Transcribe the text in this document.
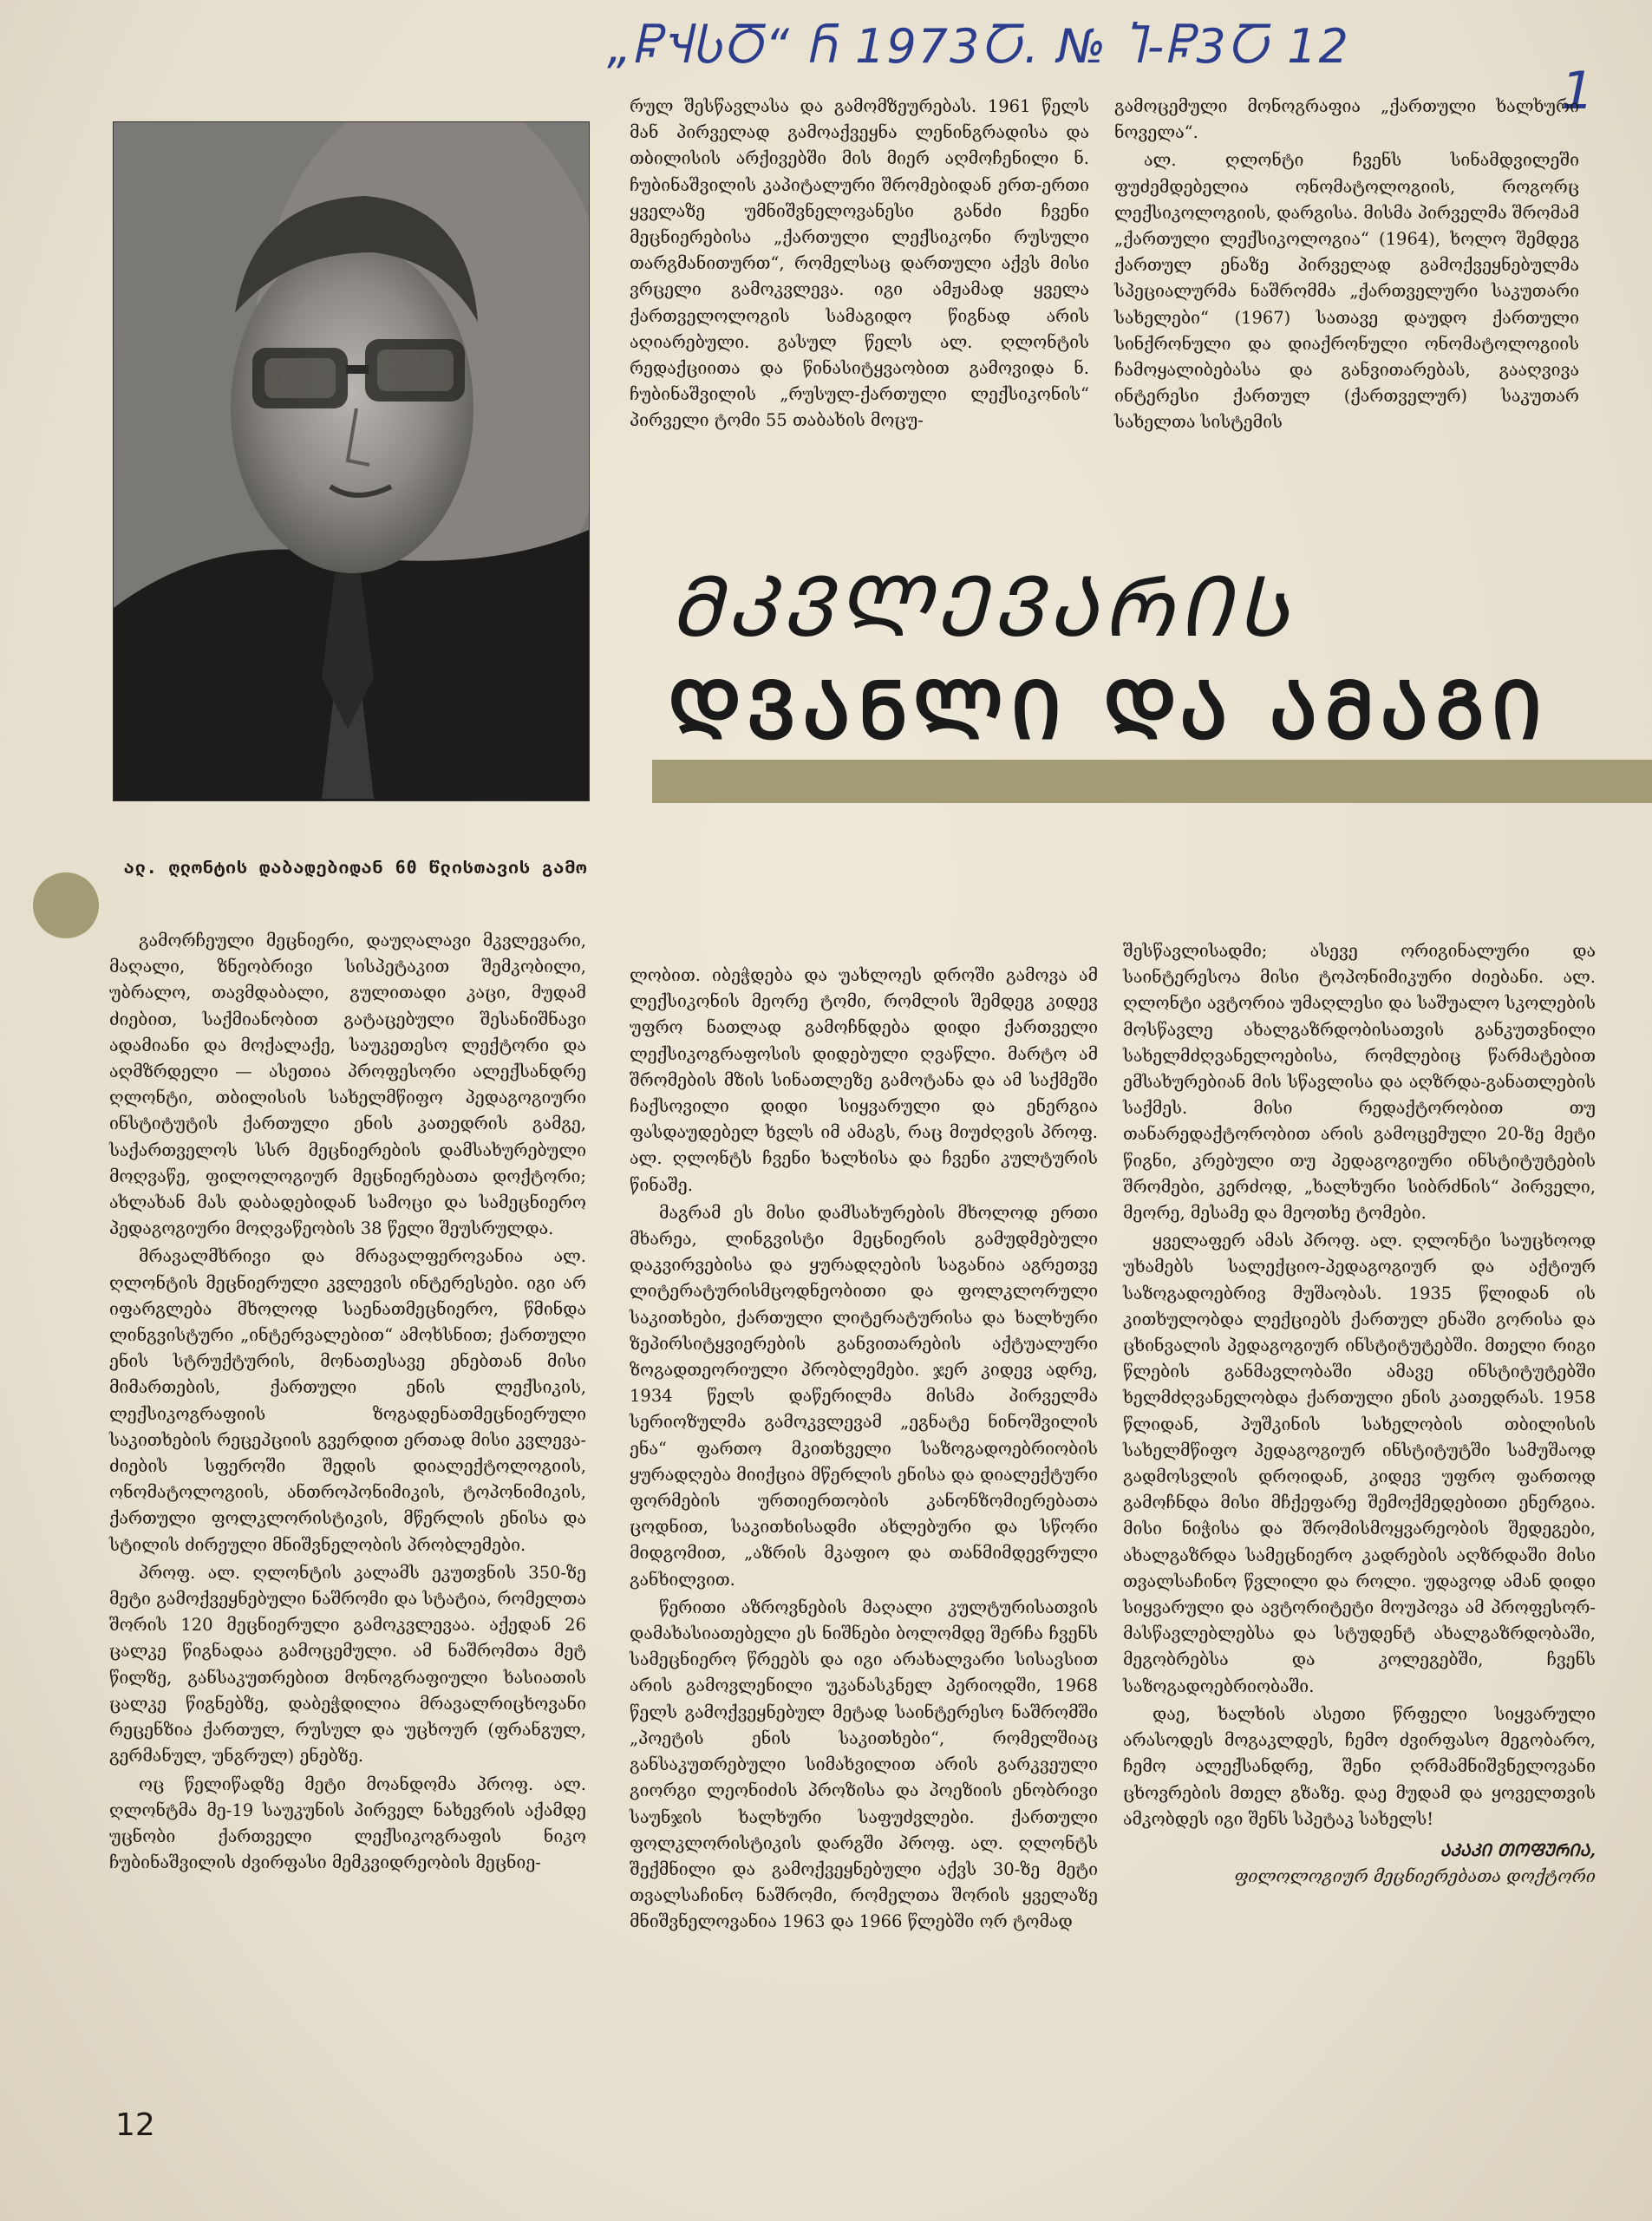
„ႼჃႱႣ“ Ⴌ 1973Ⴀ. № Ⴈ-Ⴜ3Ⴀ 12
1

რულ შესწავლასა და გამომზეურებას. 1961 წელს მან პირველად გამოაქვეყნა ლენინგრადისა და თბილისის არქივებში მის მიერ აღმოჩენილი ნ. ჩუბინაშვილის კაპიტალური შრომებიდან ერთ-ერთი ყველაზე უმნიშვნელოვანესი განძი ჩვენი მეცნიერებისა „ქართული ლექსიკონი რუსული თარგმანითურთ“, რომელსაც დართული აქვს მისი ვრცელი გამოკვლევა. იგი ამჟამად ყველა ქართველოლოგის სამაგიდო წიგნად არის აღიარებული. გასულ წელს ალ. ღლონტის რედაქციითა და წინასიტყვაობით გამოვიდა ნ. ჩუბინაშვილის „რუსულ-ქართული ლექსიკონის“ პირველი ტომი 55 თაბახის მოცუ-

გამოცემული მონოგრაფია „ქართული ხალხური ნოველა“.

ალ. ღლონტი ჩვენს სინამდვილეში ფუძემდებელია ონომატოლოგიის, როგორც ლექსიკოლოგიის, დარგისა. მისმა პირველმა შრომამ „ქართული ლექსიკოლოგია“ (1964), ხოლო შემდეგ ქართულ ენაზე პირველად გამოქვეყნებულმა სპეციალურმა ნაშრომმა „ქართველური საკუთარი სახელები“ (1967) სათავე დაუდო ქართული სინქრონული და დიაქრონული ონომატოლოგიის ჩამოყალიბებასა და განვითარებას, გააღვივა ინტერესი ქართულ (ქართველურ) საკუთარ სახელთა სისტემის

ᲛᲙᲕᲚᲔᲕᲐᲠᲘᲡ
ᲓᲕᲐᲜᲚᲘ ᲓᲐ ᲐᲛᲐᲒᲘ
ალ. ღლონტის დაბადებიდან 60 წლისთავის გამო

გამორჩეული მეცნიერი, დაუღალავი მკვლევარი, მაღალი, ზნეობრივი სისპეტაკით შემკობილი, უბრალო, თავმდაბალი, გულითადი კაცი, მუდამ ძიებით, საქმიანობით გატაცებული შესანიშნავი ადამიანი და მოქალაქე, საუკეთესო ლექტორი და აღმზრდელი — ასეთია პროფესორი ალექსანდრე ღლონტი, თბილისის სახელმწიფო პედაგოგიური ინსტიტუტის ქართული ენის კათედრის გამგე, საქართველოს სსრ მეცნიერების დამსახურებული მოღვაწე, ფილოლოგიურ მეცნიერებათა დოქტორი; ახლახან მას დაბადებიდან სამოცი და სამეცნიერო პედაგოგიური მოღვაწეობის 38 წელი შეუსრულდა.

მრავალმხრივი და მრავალფეროვანია ალ. ღლონტის მეცნიერული კვლევის ინტერესები. იგი არ იფარგლება მხოლოდ საენათმეცნიერო, წმინდა ლინგვისტური „ინტერვალებით“ ამოხსნით; ქართული ენის სტრუქტურის, მონათესავე ენებთან მისი მიმართების, ქართული ენის ლექსიკის, ლექსიკოგრაფიის ზოგადენათმეცნიერული საკითხების რეცეპციის გვერდით ერთად მისი კვლევა-ძიების სფეროში შედის დიალექტოლოგიის, ონომატოლოგიის, ანთროპონიმიკის, ტოპონიმიკის, ქართული ფოლკლორისტიკის, მწერლის ენისა და სტილის ძირეული მნიშვნელობის პრობლემები.

პროფ. ალ. ღლონტის კალამს ეკუთვნის 350-ზე მეტი გამოქვეყნებული ნაშრომი და სტატია, რომელთა შორის 120 მეცნიერული გამოკვლევაა. აქედან 26 ცალკე წიგნადაა გამოცემული. ამ ნაშრომთა მეტ წილზე, განსაკუთრებით მონოგრაფიული ხასიათის ცალკე წიგნებზე, დაბეჭდილია მრავალრიცხოვანი რეცენზია ქართულ, რუსულ და უცხოურ (ფრანგულ, გერმანულ, უნგრულ) ენებზე.

ოც წელიწადზე მეტი მოანდომა პროფ. ალ. ღლონტმა მე-19 საუკუნის პირველ ნახევრის აქამდე უცნობი ქართველი ლექსიკოგრაფის ნიკო ჩუბინაშვილის ძვირფასი მემკვიდრეობის მეცნიე-

ლობით. იბეჭდება და უახლოეს დროში გამოვა ამ ლექსიკონის მეორე ტომი, რომლის შემდეგ კიდევ უფრო ნათლად გამოჩნდება დიდი ქართველი ლექსიკოგრაფოსის დიდებული ღვაწლი. მარტო ამ შრომების მზის სინათლეზე გამოტანა და ამ საქმეში ჩაქსოვილი დიდი სიყვარული და ენერგია ფასდაუდებელ ხვლს იმ ამაგს, რაც მიუძღვის პროფ. ალ. ღლონტს ჩვენი ხალხისა და ჩვენი კულტურის წინაშე.

მაგრამ ეს მისი დამსახურების მხოლოდ ერთი მხარეა, ლინგვისტი მეცნიერის გამუდმებული დაკვირვებისა და ყურადღების საგანია აგრეთვე ლიტერატურისმცოდნეობითი და ფოლკლორული საკითხები, ქართული ლიტერატურისა და ხალხური ზეპირსიტყვიერების განვითარების აქტუალური ზოგადთეორიული პრობლემები. ჯერ კიდევ ადრე, 1934 წელს დაწერილმა მისმა პირველმა სერიოზულმა გამოკვლევამ „ეგნატე ნინოშვილის ენა“ ფართო მკითხველი საზოგადოებრიობის ყურადღება მიიქცია მწერლის ენისა და დიალექტური ფორმების ურთიერთობის კანონზომიერებათა ცოდნით, საკითხისადმი ახლებური და სწორი მიდგომით, „აზრის მკაფიო და თანმიმდევრული განხილვით.

წერითი აზროვნების მაღალი კულტურისათვის დამახასიათებელი ეს ნიშნები ბოლომდე შერჩა ჩვენს სამეცნიერო წრეებს და იგი არახალვარი სისავსით არის გამოვლენილი უკანასკნელ პერიოდში, 1968 წელს გამოქვეყნებულ მეტად საინტერესო ნაშრომში „პოეტის ენის საკითხები“, რომელშიაც განსაკუთრებული სიმახვილით არის გარკვეული გიორგი ლეონიძის პროზისა და პოეზიის ენობრივი საუნჯის ხალხური საფუძვლები. ქართული ფოლკლორისტიკის დარგში პროფ. ალ. ღლონტს შექმნილი და გამოქვეყნებული აქვს 30-ზე მეტი თვალსაჩინო ნაშრომი, რომელთა შორის ყველაზე მნიშვნელოვანია 1963 და 1966 წლებში ორ ტომად

შესწავლისადმი; ასევე ორიგინალური და საინტერესოა მისი ტოპონიმიკური ძიებანი. ალ. ღლონტი ავტორია უმაღლესი და საშუალო სკოლების მოსწავლე ახალგაზრდობისათვის განკუთვნილი სახელმძღვანელოებისა, რომლებიც წარმატებით ემსახურებიან მის სწავლისა და აღზრდა-განათლების საქმეს. მისი რედაქტორობით თუ თანარედაქტორობით არის გამოცემული 20-ზე მეტი წიგნი, კრებული თუ პედაგოგიური ინსტიტუტების შრომები, კერძოდ, „ხალხური სიბრძნის“ პირველი, მეორე, მესამე და მეოთხე ტომები.

ყველაფერ ამას პროფ. ალ. ღლონტი საუცხოოდ უხამებს სალექციო-პედაგოგიურ და აქტიურ საზოგადოებრივ მუშაობას. 1935 წლიდან ის კითხულობდა ლექციებს ქართულ ენაში გორისა და ცხინვალის პედაგოგიურ ინსტიტუტებში. მთელი რიგი წლების განმავლობაში ამავე ინსტიტუტებში ხელმძღვანელობდა ქართული ენის კათედრას. 1958 წლიდან, პუშკინის სახელობის თბილისის სახელმწიფო პედაგოგიურ ინსტიტუტში სამუშაოდ გადმოსვლის დროიდან, კიდევ უფრო ფართოდ გამოჩნდა მისი მჩქეფარე შემოქმედებითი ენერგია. მისი ნიჭისა და შრომისმოყვარეობის შედეგები, ახალგაზრდა სამეცნიერო კადრების აღზრდაში მისი თვალსაჩინო წვლილი და როლი. უდავოდ ამან დიდი სიყვარული და ავტორიტეტი მოუპოვა ამ პროფესორ-მასწავლებლებსა და სტუდენტ ახალგაზრდობაში, მეგობრებსა და კოლეგებში, ჩვენს საზოგადოებრიობაში.

დაე, ხალხის ასეთი წრფელი სიყვარული არასოდეს მოგაკლდეს, ჩემო ძვირფასო მეგობარო, ჩემო ალექსანდრე, შენი ღრმამნიშვნელოვანი ცხოვრების მთელ გზაზე. დაე მუდამ და ყოველთვის ამკობდეს იგი შენს სპეტაკ სახელს!

ᲐᲙᲐᲙᲘ ᲗᲝᲤᲣᲠᲘᲐ,
ფილოლოგიურ მეცნიერებათა დოქტორი
12
